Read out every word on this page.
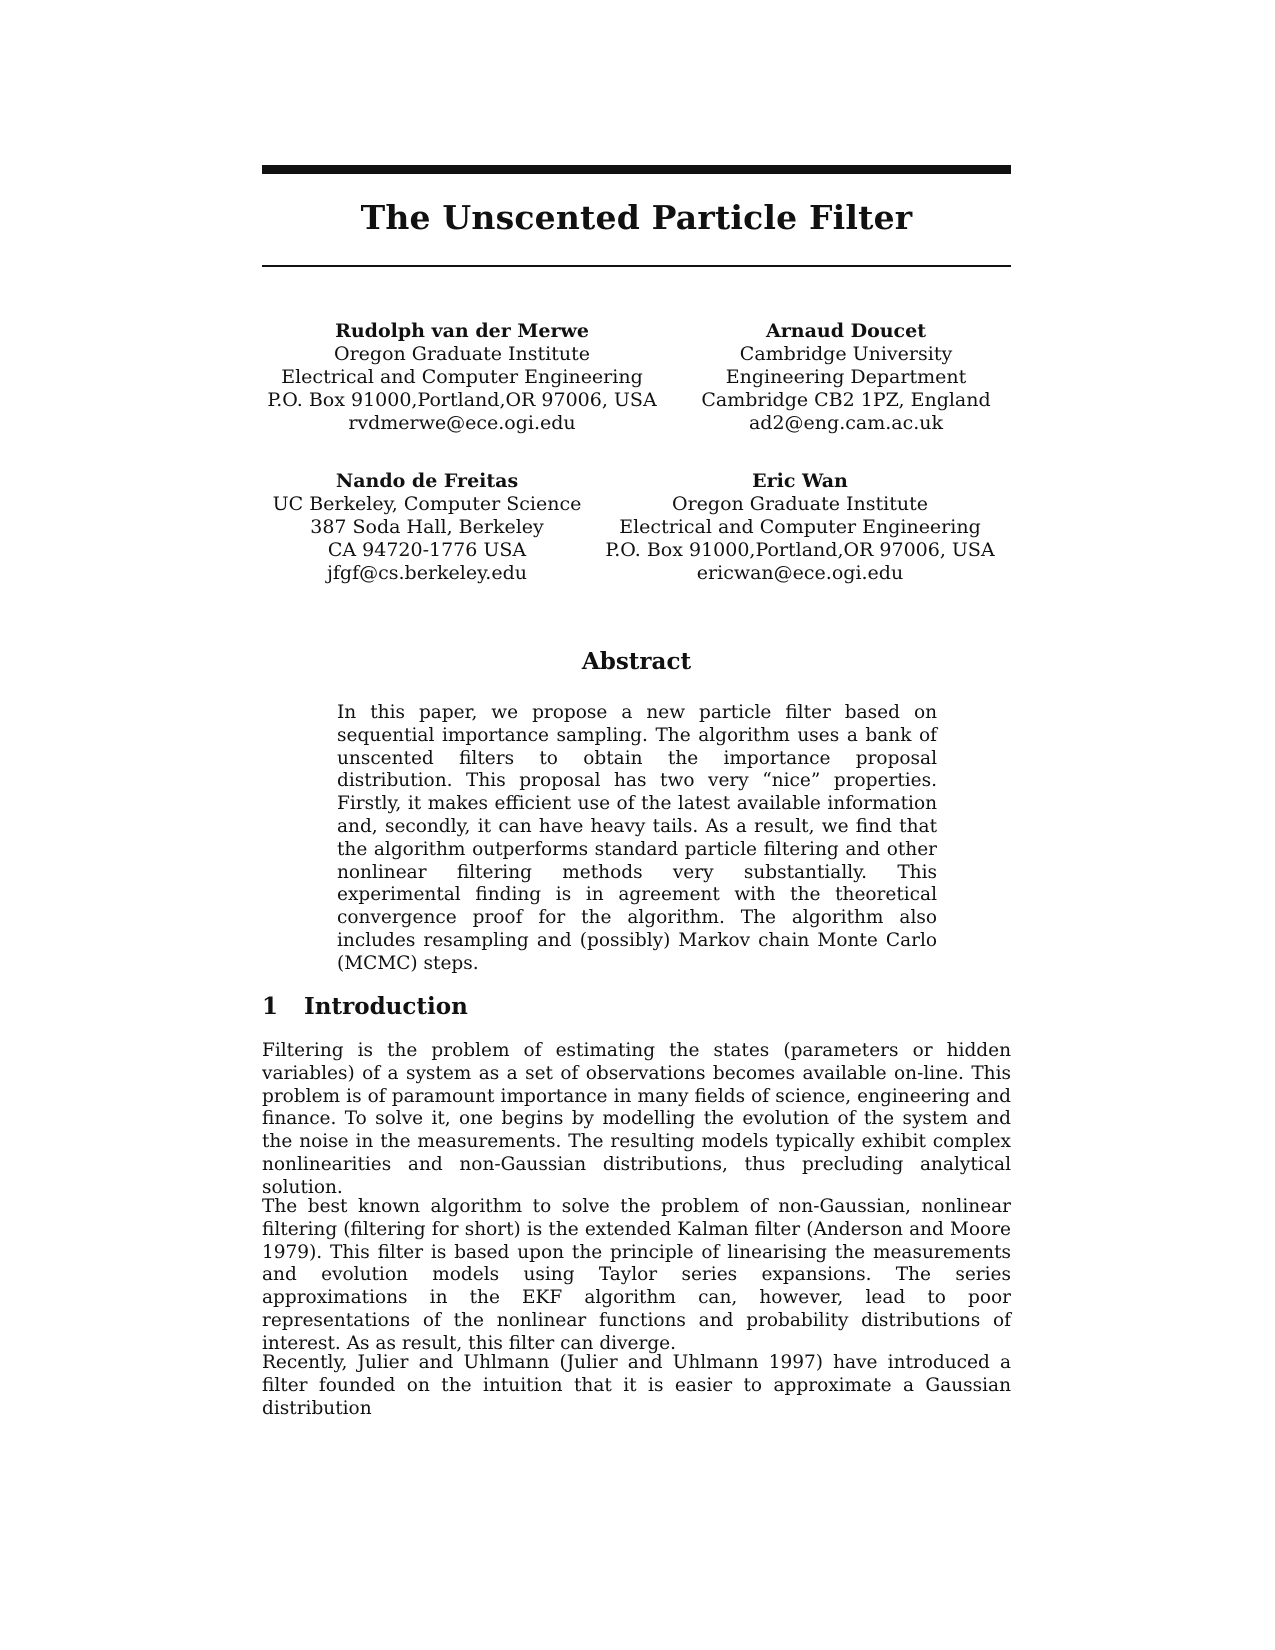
The Unscented Particle Filter
Rudolph van der Merwe
Oregon Graduate Institute
Electrical and Computer Engineering
P.O. Box 91000,Portland,OR 97006, USA
rvdmerwe@ece.ogi.edu
Arnaud Doucet
Cambridge University
Engineering Department
Cambridge CB2 1PZ, England
ad2@eng.cam.ac.uk
Nando de Freitas
UC Berkeley, Computer Science
387 Soda Hall, Berkeley
CA 94720-1776 USA
jfgf@cs.berkeley.edu
Eric Wan
Oregon Graduate Institute
Electrical and Computer Engineering
P.O. Box 91000,Portland,OR 97006, USA
ericwan@ece.ogi.edu
Abstract

In this paper, we propose a new particle filter based on sequential importance sampling. The algorithm uses a bank of unscented filters to obtain the importance proposal distribution. This proposal has two very “nice” properties. Firstly, it makes efficient use of the latest available information and, secondly, it can have heavy tails. As a result, we find that the algorithm outperforms standard particle filtering and other nonlinear filtering methods very substantially. This experimental finding is in agreement with the theoretical convergence proof for the algorithm. The algorithm also includes resampling and (possibly) Markov chain Monte Carlo (MCMC) steps.

1 Introduction

Filtering is the problem of estimating the states (parameters or hidden variables) of a system as a set of observations becomes available on-line. This problem is of paramount importance in many fields of science, engineering and finance. To solve it, one begins by modelling the evolution of the system and the noise in the measurements. The resulting models typically exhibit complex nonlinearities and non-Gaussian distributions, thus precluding analytical solution.

The best known algorithm to solve the problem of non-Gaussian, nonlinear filtering (filtering for short) is the extended Kalman filter (Anderson and Moore 1979). This filter is based upon the principle of linearising the measurements and evolution models using Taylor series expansions. The series approximations in the EKF algorithm can, however, lead to poor representations of the nonlinear functions and probability distributions of interest. As as result, this filter can diverge.

Recently, Julier and Uhlmann (Julier and Uhlmann 1997) have introduced a filter founded on the intuition that it is easier to approximate a Gaussian distribution
